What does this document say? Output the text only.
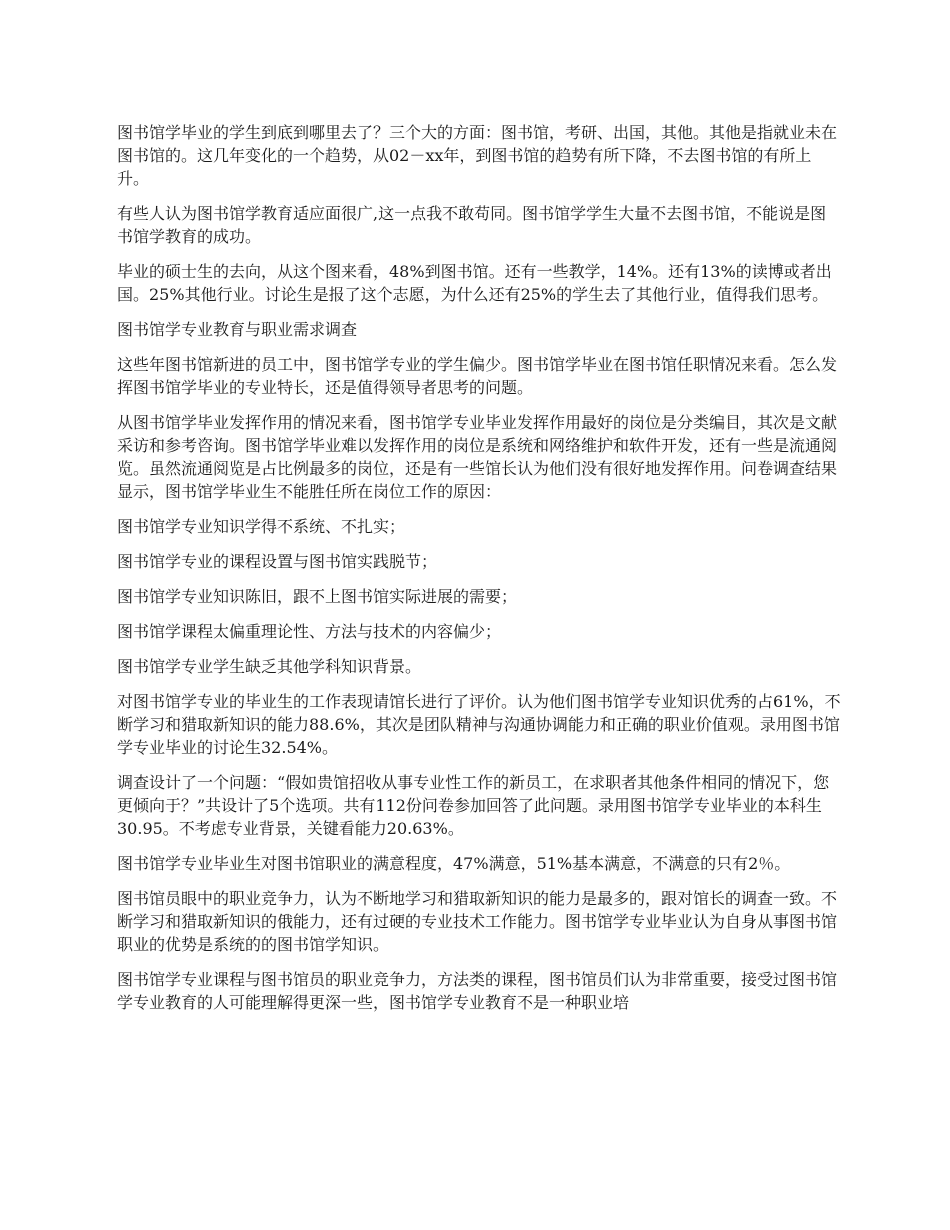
图书馆学毕业的学生到底到哪里去了？三个大的方面：图书馆，考研、出国，其他。其他是指就业未在图书馆的。这几年变化的一个趋势，从02－xx年，到图书馆的趋势有所下降，不去图书馆的有所上升。

有些人认为图书馆学教育适应面很广,这一点我不敢苟同。图书馆学学生大量不去图书馆，不能说是图书馆学教育的成功。

毕业的硕士生的去向，从这个图来看，48%到图书馆。还有一些教学，14%。还有13%的读博或者出国。25%其他行业。讨论生是报了这个志愿，为什么还有25%的学生去了其他行业，值得我们思考。

图书馆学专业教育与职业需求调查

这些年图书馆新进的员工中，图书馆学专业的学生偏少。图书馆学毕业在图书馆任职情况来看。怎么发挥图书馆学毕业的专业特长，还是值得领导者思考的问题。

从图书馆学毕业发挥作用的情况来看，图书馆学专业毕业发挥作用最好的岗位是分类编目，其次是文献采访和参考咨询。图书馆学毕业难以发挥作用的岗位是系统和网络维护和软件开发，还有一些是流通阅览。虽然流通阅览是占比例最多的岗位，还是有一些馆长认为他们没有很好地发挥作用。问卷调查结果显示，图书馆学毕业生不能胜任所在岗位工作的原因：

图书馆学专业知识学得不系统、不扎实；

图书馆学专业的课程设置与图书馆实践脱节；

图书馆学专业知识陈旧，跟不上图书馆实际进展的需要；

图书馆学课程太偏重理论性、方法与技术的内容偏少；

图书馆学专业学生缺乏其他学科知识背景。

对图书馆学专业的毕业生的工作表现请馆长进行了评价。认为他们图书馆学专业知识优秀的占61%，不断学习和猎取新知识的能力88.6%，其次是团队精神与沟通协调能力和正确的职业价值观。录用图书馆学专业毕业的讨论生32.54%。

调查设计了一个问题：“假如贵馆招收从事专业性工作的新员工，在求职者其他条件相同的情况下，您更倾向于？”共设计了5个选项。共有112份问卷参加回答了此问题。录用图书馆学专业毕业的本科生30.95。不考虑专业背景，关键看能力20.63%。

图书馆学专业毕业生对图书馆职业的满意程度，47%满意，51%基本满意，不满意的只有2％。

图书馆员眼中的职业竞争力，认为不断地学习和猎取新知识的能力是最多的，跟对馆长的调查一致。不断学习和猎取新知识的俄能力，还有过硬的专业技术工作能力。图书馆学专业毕业认为自身从事图书馆职业的优势是系统的的图书馆学知识。

图书馆学专业课程与图书馆员的职业竞争力，方法类的课程，图书馆员们认为非常重要，接受过图书馆学专业教育的人可能理解得更深一些，图书馆学专业教育不是一种职业培
